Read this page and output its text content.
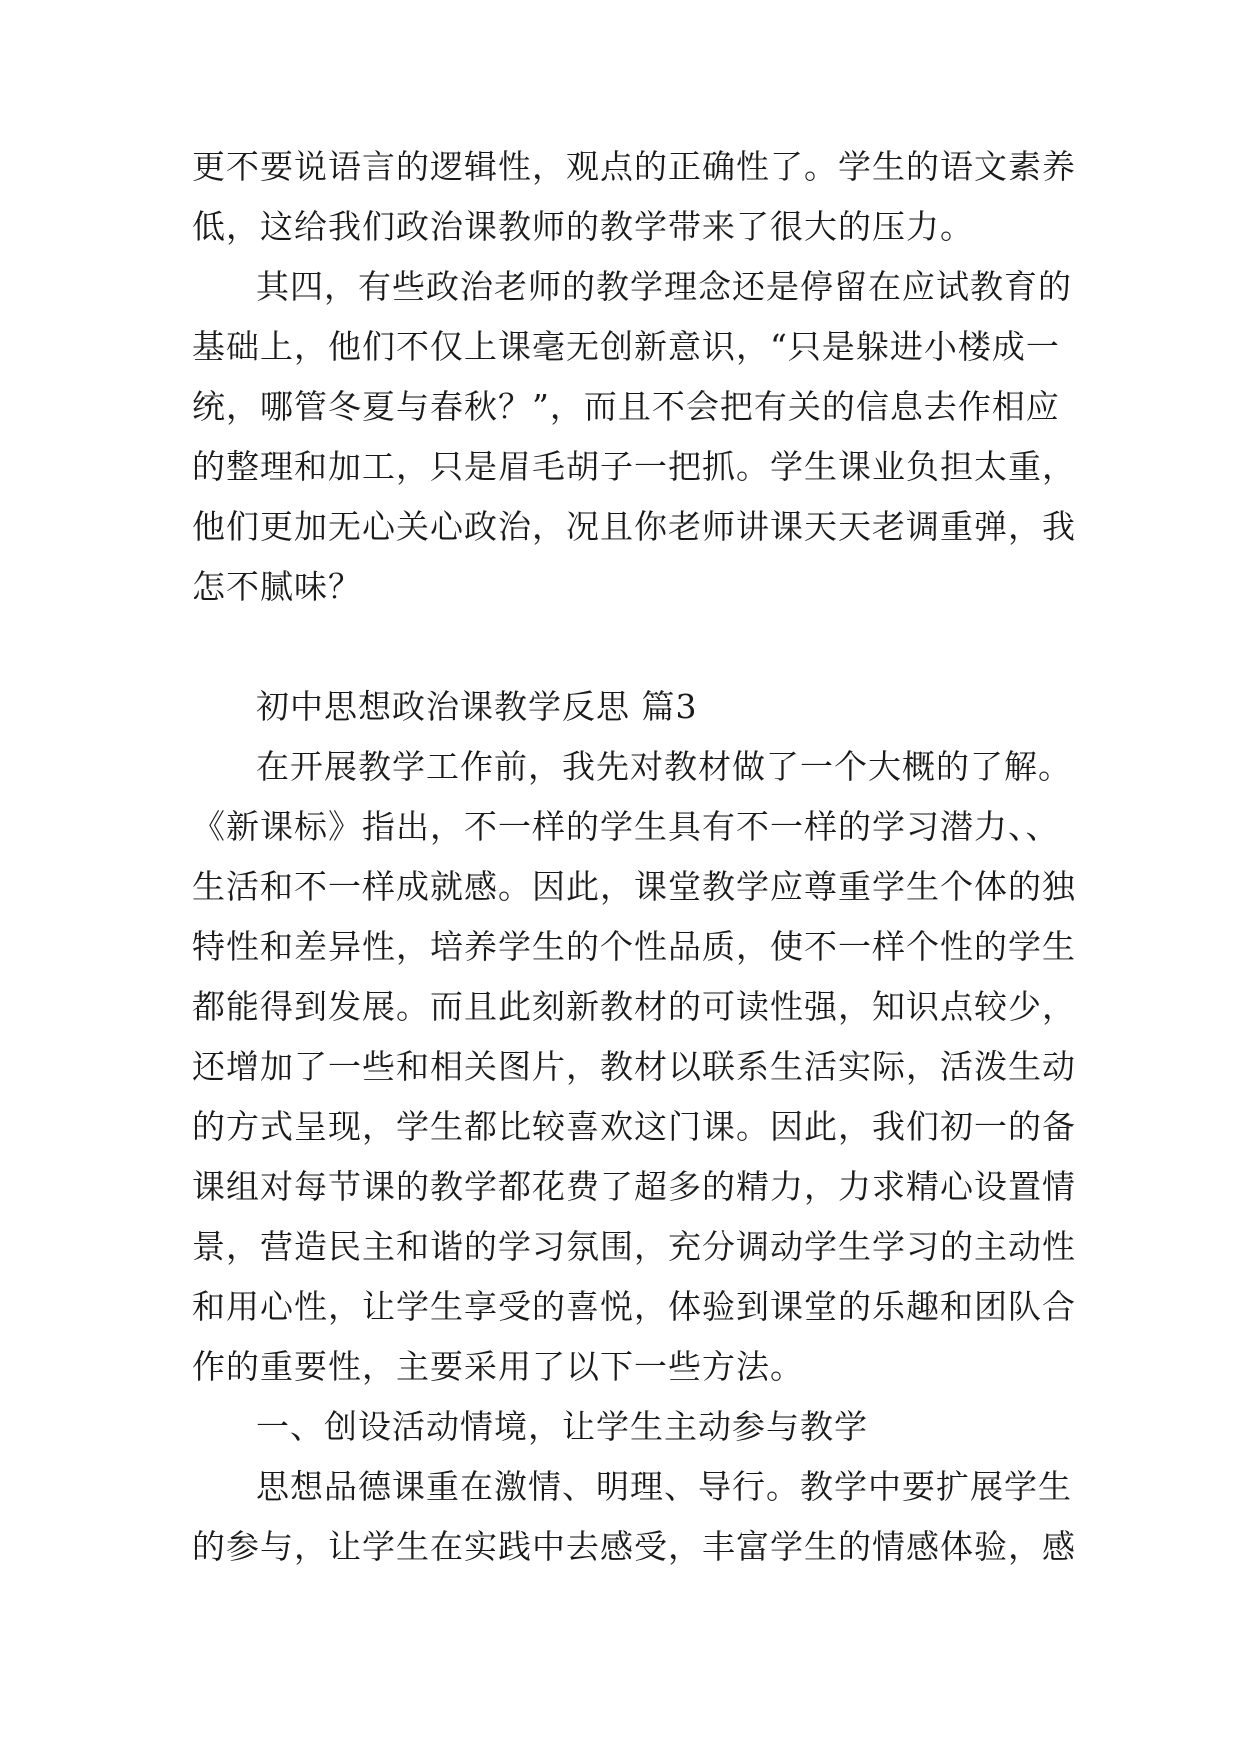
更不要说语言的逻辑性，观点的正确性了。学生的语文素养
低，这给我们政治课教师的教学带来了很大的压力。
其四，有些政治老师的教学理念还是停留在应试教育的
基础上，他们不仅上课毫无创新意识，“只是躲进小楼成一
统，哪管冬夏与春秋？”，而且不会把有关的信息去作相应
的整理和加工，只是眉毛胡子一把抓。学生课业负担太重，
他们更加无心关心政治，况且你老师讲课天天老调重弹，我
怎不腻味？
初中思想政治课教学反思 篇3
在开展教学工作前，我先对教材做了一个大概的了解。
《新课标》指出，不一样的学生具有不一样的学习潜力、、
生活和不一样成就感。因此，课堂教学应尊重学生个体的独
特性和差异性，培养学生的个性品质，使不一样个性的学生
都能得到发展。而且此刻新教材的可读性强，知识点较少，
还增加了一些和相关图片，教材以联系生活实际，活泼生动
的方式呈现，学生都比较喜欢这门课。因此，我们初一的备
课组对每节课的教学都花费了超多的精力，力求精心设置情
景，营造民主和谐的学习氛围，充分调动学生学习的主动性
和用心性，让学生享受的喜悦，体验到课堂的乐趣和团队合
作的重要性，主要采用了以下一些方法。
一、创设活动情境，让学生主动参与教学
思想品德课重在激情、明理、导行。教学中要扩展学生
的参与，让学生在实践中去感受，丰富学生的情感体验，感
